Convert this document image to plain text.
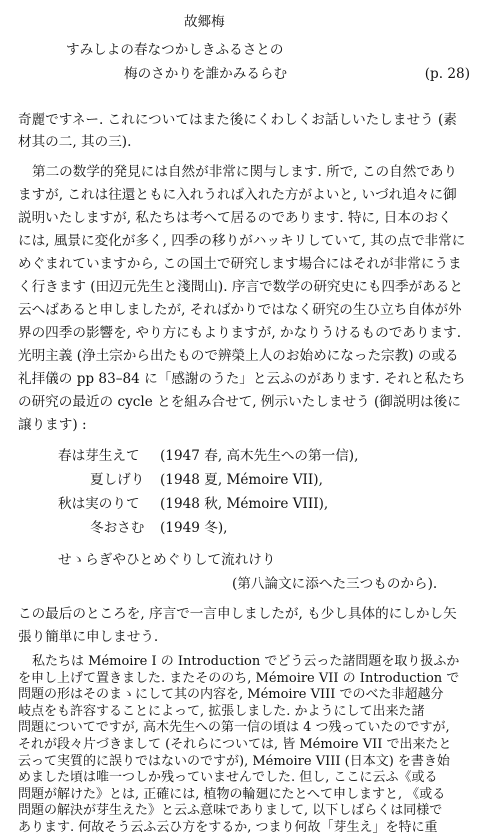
故郷梅
すみしよの春なつかしきふるさとの
梅のさかりを誰かみるらむ	(p. 28)
奇麗ですネー. これについてはまた後にくわしくお話しいたしませう (素
材其の二, 其の三).
第二の数学的発見には自然が非常に関与します. 所で, この自然であり
ますが, これは往還ともに入れうれば入れた方がよいと, いづれ追々に御
説明いたしますが, 私たちは考へて居るのであります. 特に, 日本のおく
には, 風景に変化が多く, 四季の移りがハッキリしていて, 其の点で非常に
めぐまれていますから, この国土で研究します場合にはそれが非常にうま
く行きます (田辺元先生と淺間山). 序言で数学の研究史にも四季があると
云へばあると申しましたが, そればかりではなく研究の生ひ立ち自体が外
界の四季の影響を, やり方にもよりますが, かなりうけるものであります.
光明主義 (浄土宗から出たもので辨榮上人のお始めになった宗教) の或る
礼拝儀の pp 83–84 に「感謝のうた」と云ふのがあります. それと私たち
の研究の最近の cycle とを組み合せて, 例示いたしませう (御説明は後に
譲ります) :
春は芽生えて (1947 春, 高木先生への第一信),
夏しげり (1948 夏, Mémoire VII),
秋は実のりて (1948 秋, Mémoire VIII),
冬おさむ (1949 冬),
せゝらぎやひとめぐりして流れけり
(第八論文に添へた三つものから).
この最后のところを, 序言で一言申しましたが, も少し具体的にしかし矢
張り簡単に申しませう.
私たちは Mémoire I の Introduction でどう云った諸問題を取り扱ふか
を申し上げて置きました. またそののち, Mémoire VII の Introduction で
問題の形はそのまゝにして其の内容を, Mémoire VIII でのべた非超越分
岐点をも許容することによって, 拡張しました. かようにして出来た諸
問題についてですが, 高木先生への第一信の頃は 4 つ残っていたのですが,
それが段々片づきまして (それらについては, 皆 Mémoire VII で出来たと
云って実質的に誤りではないのですが), Mémoire VIII (日本文) を書き始
めました頃は唯一つしか残っていませんでした. 但し, ここに云ふ《或る
問題が解けた》とは, 正確には, 植物の輪廻にたとへて申しますと, 《或る
問題の解決が芽生えた》と云ふ意味でありまして, 以下しばらくは同様で
あります. 何故そう云ふ云ひ方をするか, つまり何故「芽生え」を特に重
